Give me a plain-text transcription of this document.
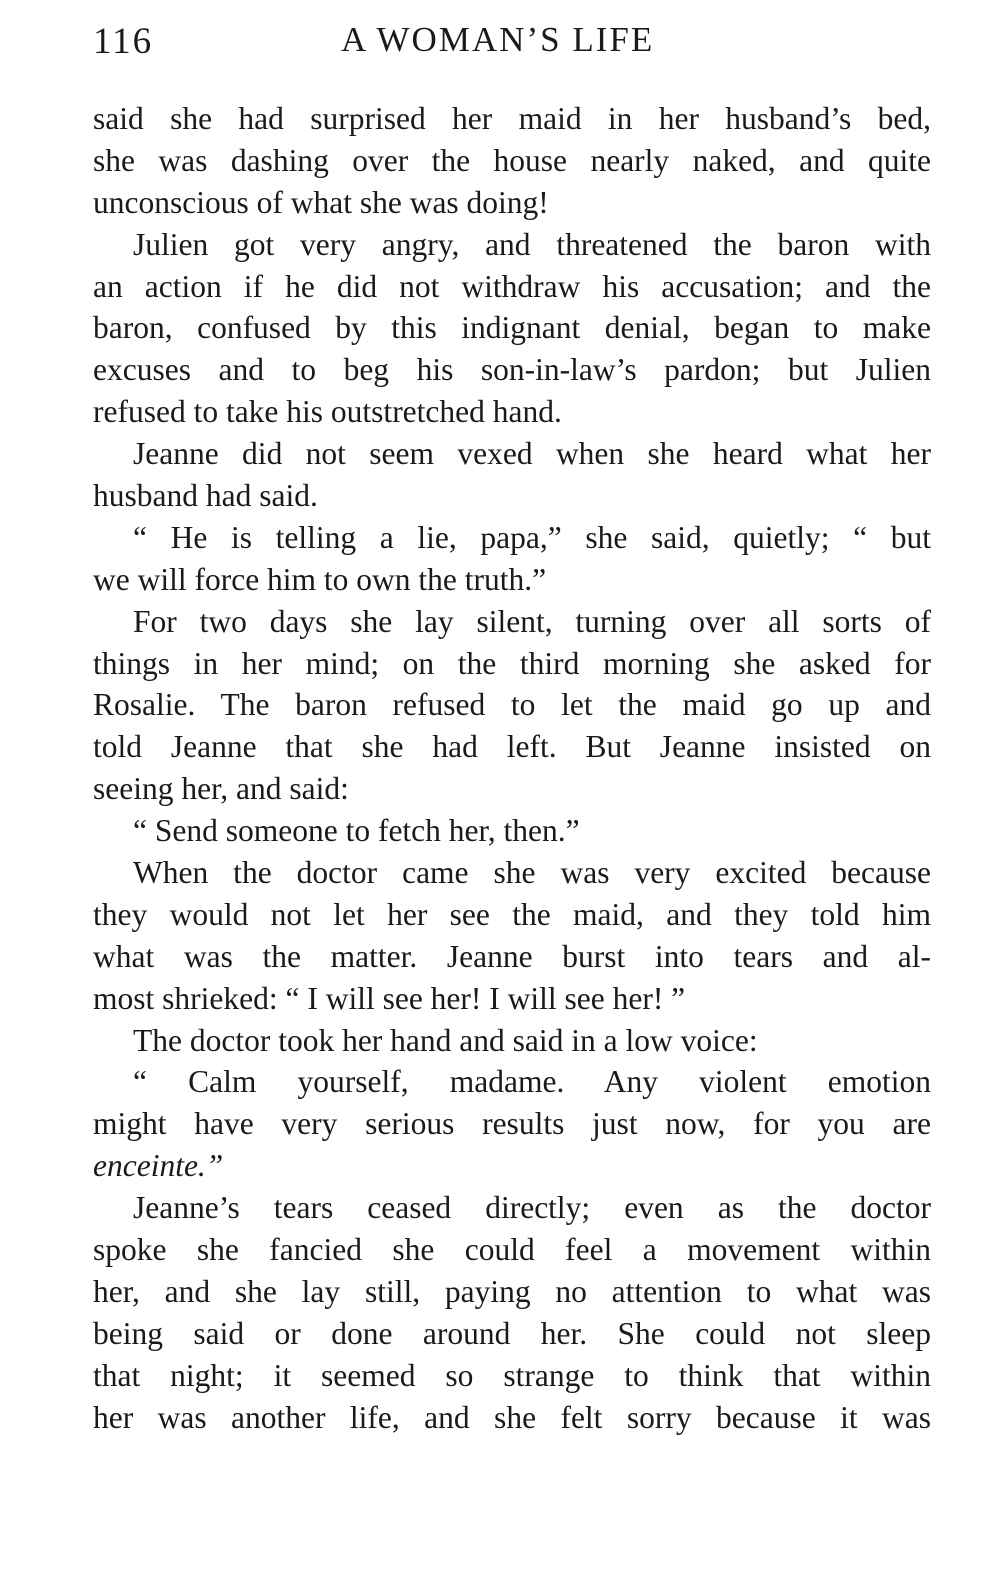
116	A WOMAN’S LIFE
said she had surprised her maid in her husband’s bed,
she was dashing over the house nearly naked, and quite
unconscious of what she was doing!
Julien got very angry, and threatened the baron with
an action if he did not withdraw his accusation; and the
baron, confused by this indignant denial, began to make
excuses and to beg his son-in-law’s pardon; but Julien
refused to take his outstretched hand.
Jeanne did not seem vexed when she heard what her
husband had said.
“ He is telling a lie, papa,” she said, quietly; “ but
we will force him to own the truth.”
For two days she lay silent, turning over all sorts of
things in her mind; on the third morning she asked for
Rosalie. The baron refused to let the maid go up and
told Jeanne that she had left. But Jeanne insisted on
seeing her, and said:
“ Send someone to fetch her, then.”
When the doctor came she was very excited because
they would not let her see the maid, and they told him
what was the matter. Jeanne burst into tears and al-
most shrieked: “ I will see her! I will see her! ”
The doctor took her hand and said in a low voice:
“ Calm yourself, madame. Any violent emotion
might have very serious results just now, for you are
enceinte.”
Jeanne’s tears ceased directly; even as the doctor
spoke she fancied she could feel a movement within
her, and she lay still, paying no attention to what was
being said or done around her. She could not sleep
that night; it seemed so strange to think that within
her was another life, and she felt sorry because it was
